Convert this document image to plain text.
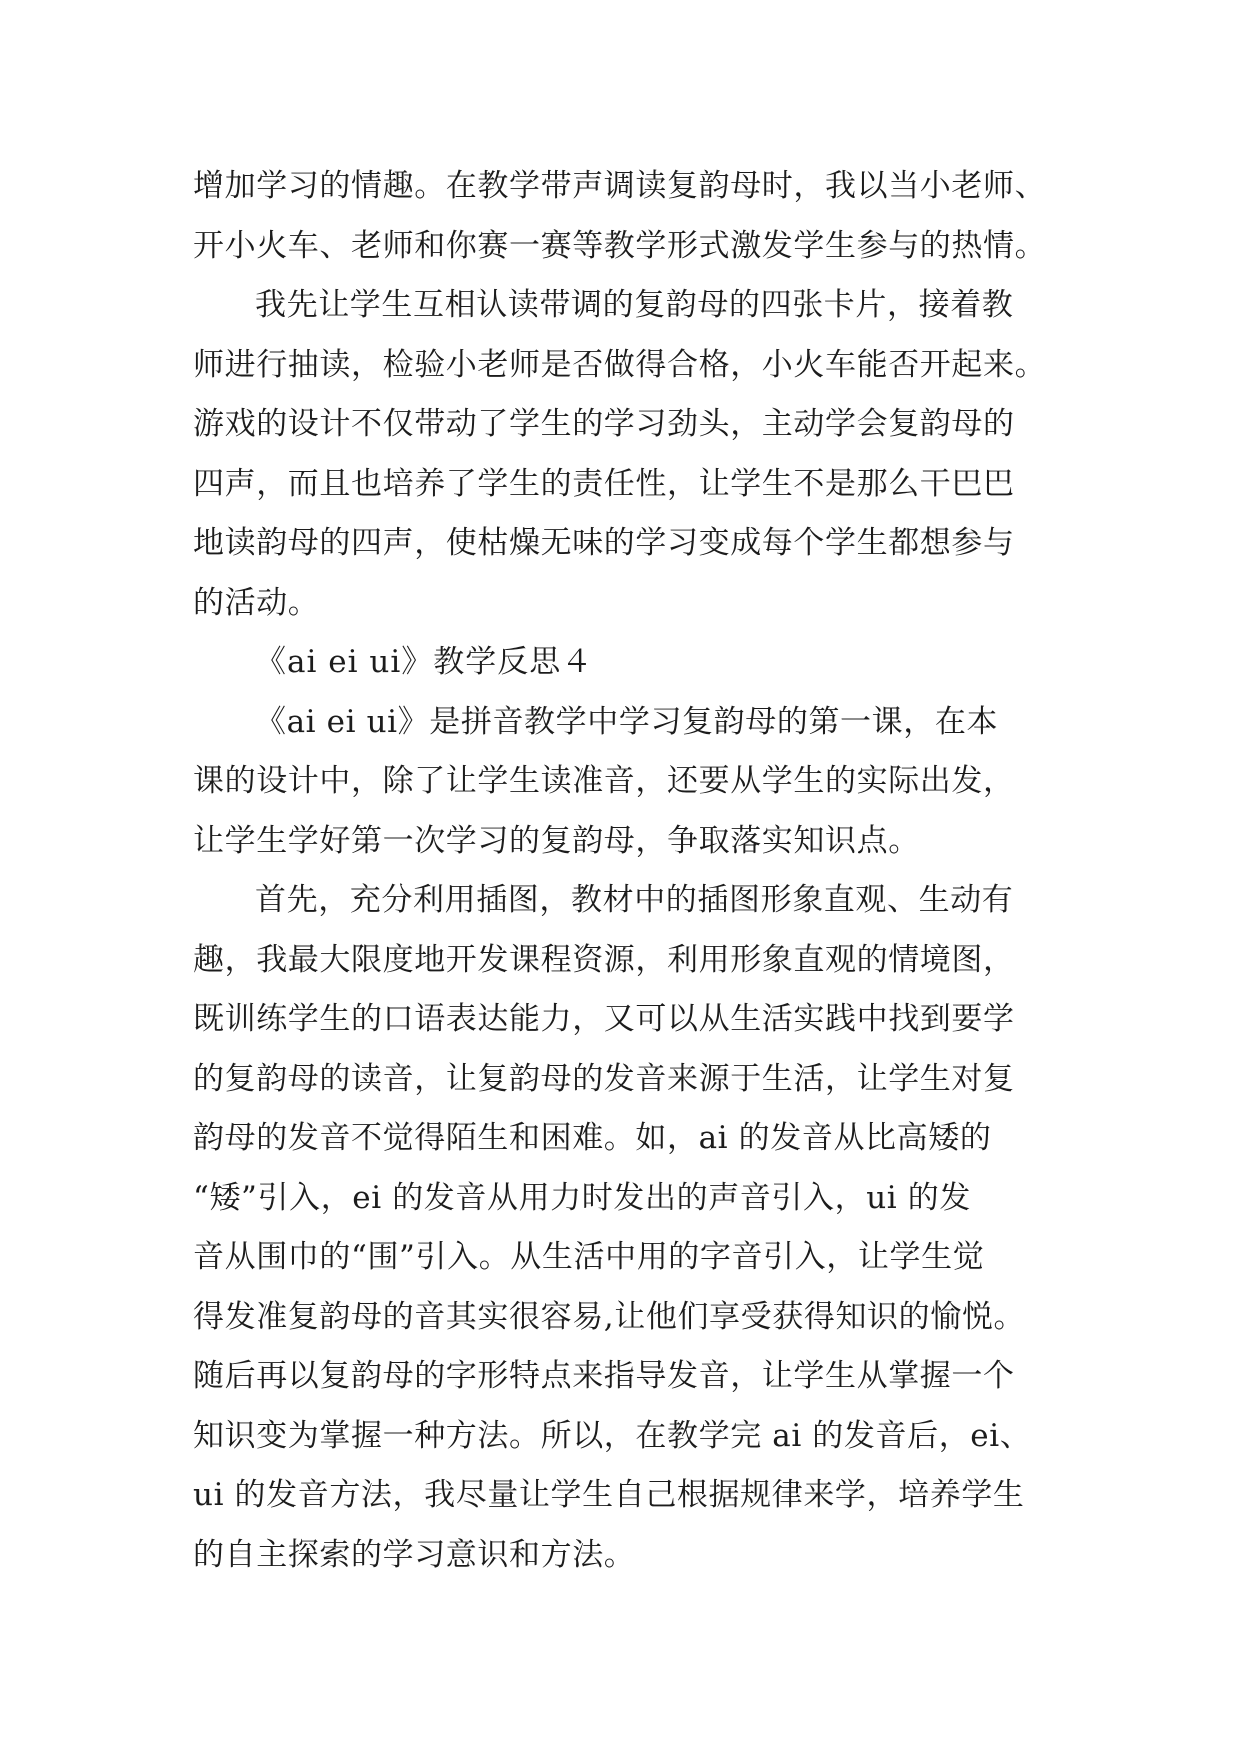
增加学习的情趣。在教学带声调读复韵母时，我以当小老师、
开小火车、老师和你赛一赛等教学形式激发学生参与的热情。
我先让学生互相认读带调的复韵母的四张卡片，接着教
师进行抽读，检验小老师是否做得合格，小火车能否开起来。
游戏的设计不仅带动了学生的学习劲头，主动学会复韵母的
四声，而且也培养了学生的责任性，让学生不是那么干巴巴
地读韵母的四声，使枯燥无味的学习变成每个学生都想参与
的活动。
《ai ei ui》教学反思４
《ai ei ui》是拼音教学中学习复韵母的第一课，在本
课的设计中，除了让学生读准音，还要从学生的实际出发，
让学生学好第一次学习的复韵母，争取落实知识点。
首先，充分利用插图，教材中的插图形象直观、生动有
趣，我最大限度地开发课程资源，利用形象直观的情境图，
既训练学生的口语表达能力，又可以从生活实践中找到要学
的复韵母的读音，让复韵母的发音来源于生活，让学生对复
韵母的发音不觉得陌生和困难。如，ai 的发音从比高矮的
“矮”引入，ei 的发音从用力时发出的声音引入，ui 的发
音从围巾的“围”引入。从生活中用的字音引入，让学生觉
得发准复韵母的音其实很容易,让他们享受获得知识的愉悦。
随后再以复韵母的字形特点来指导发音，让学生从掌握一个
知识变为掌握一种方法。所以，在教学完 ai 的发音后，ei、
ui 的发音方法，我尽量让学生自己根据规律来学，培养学生
的自主探索的学习意识和方法。
